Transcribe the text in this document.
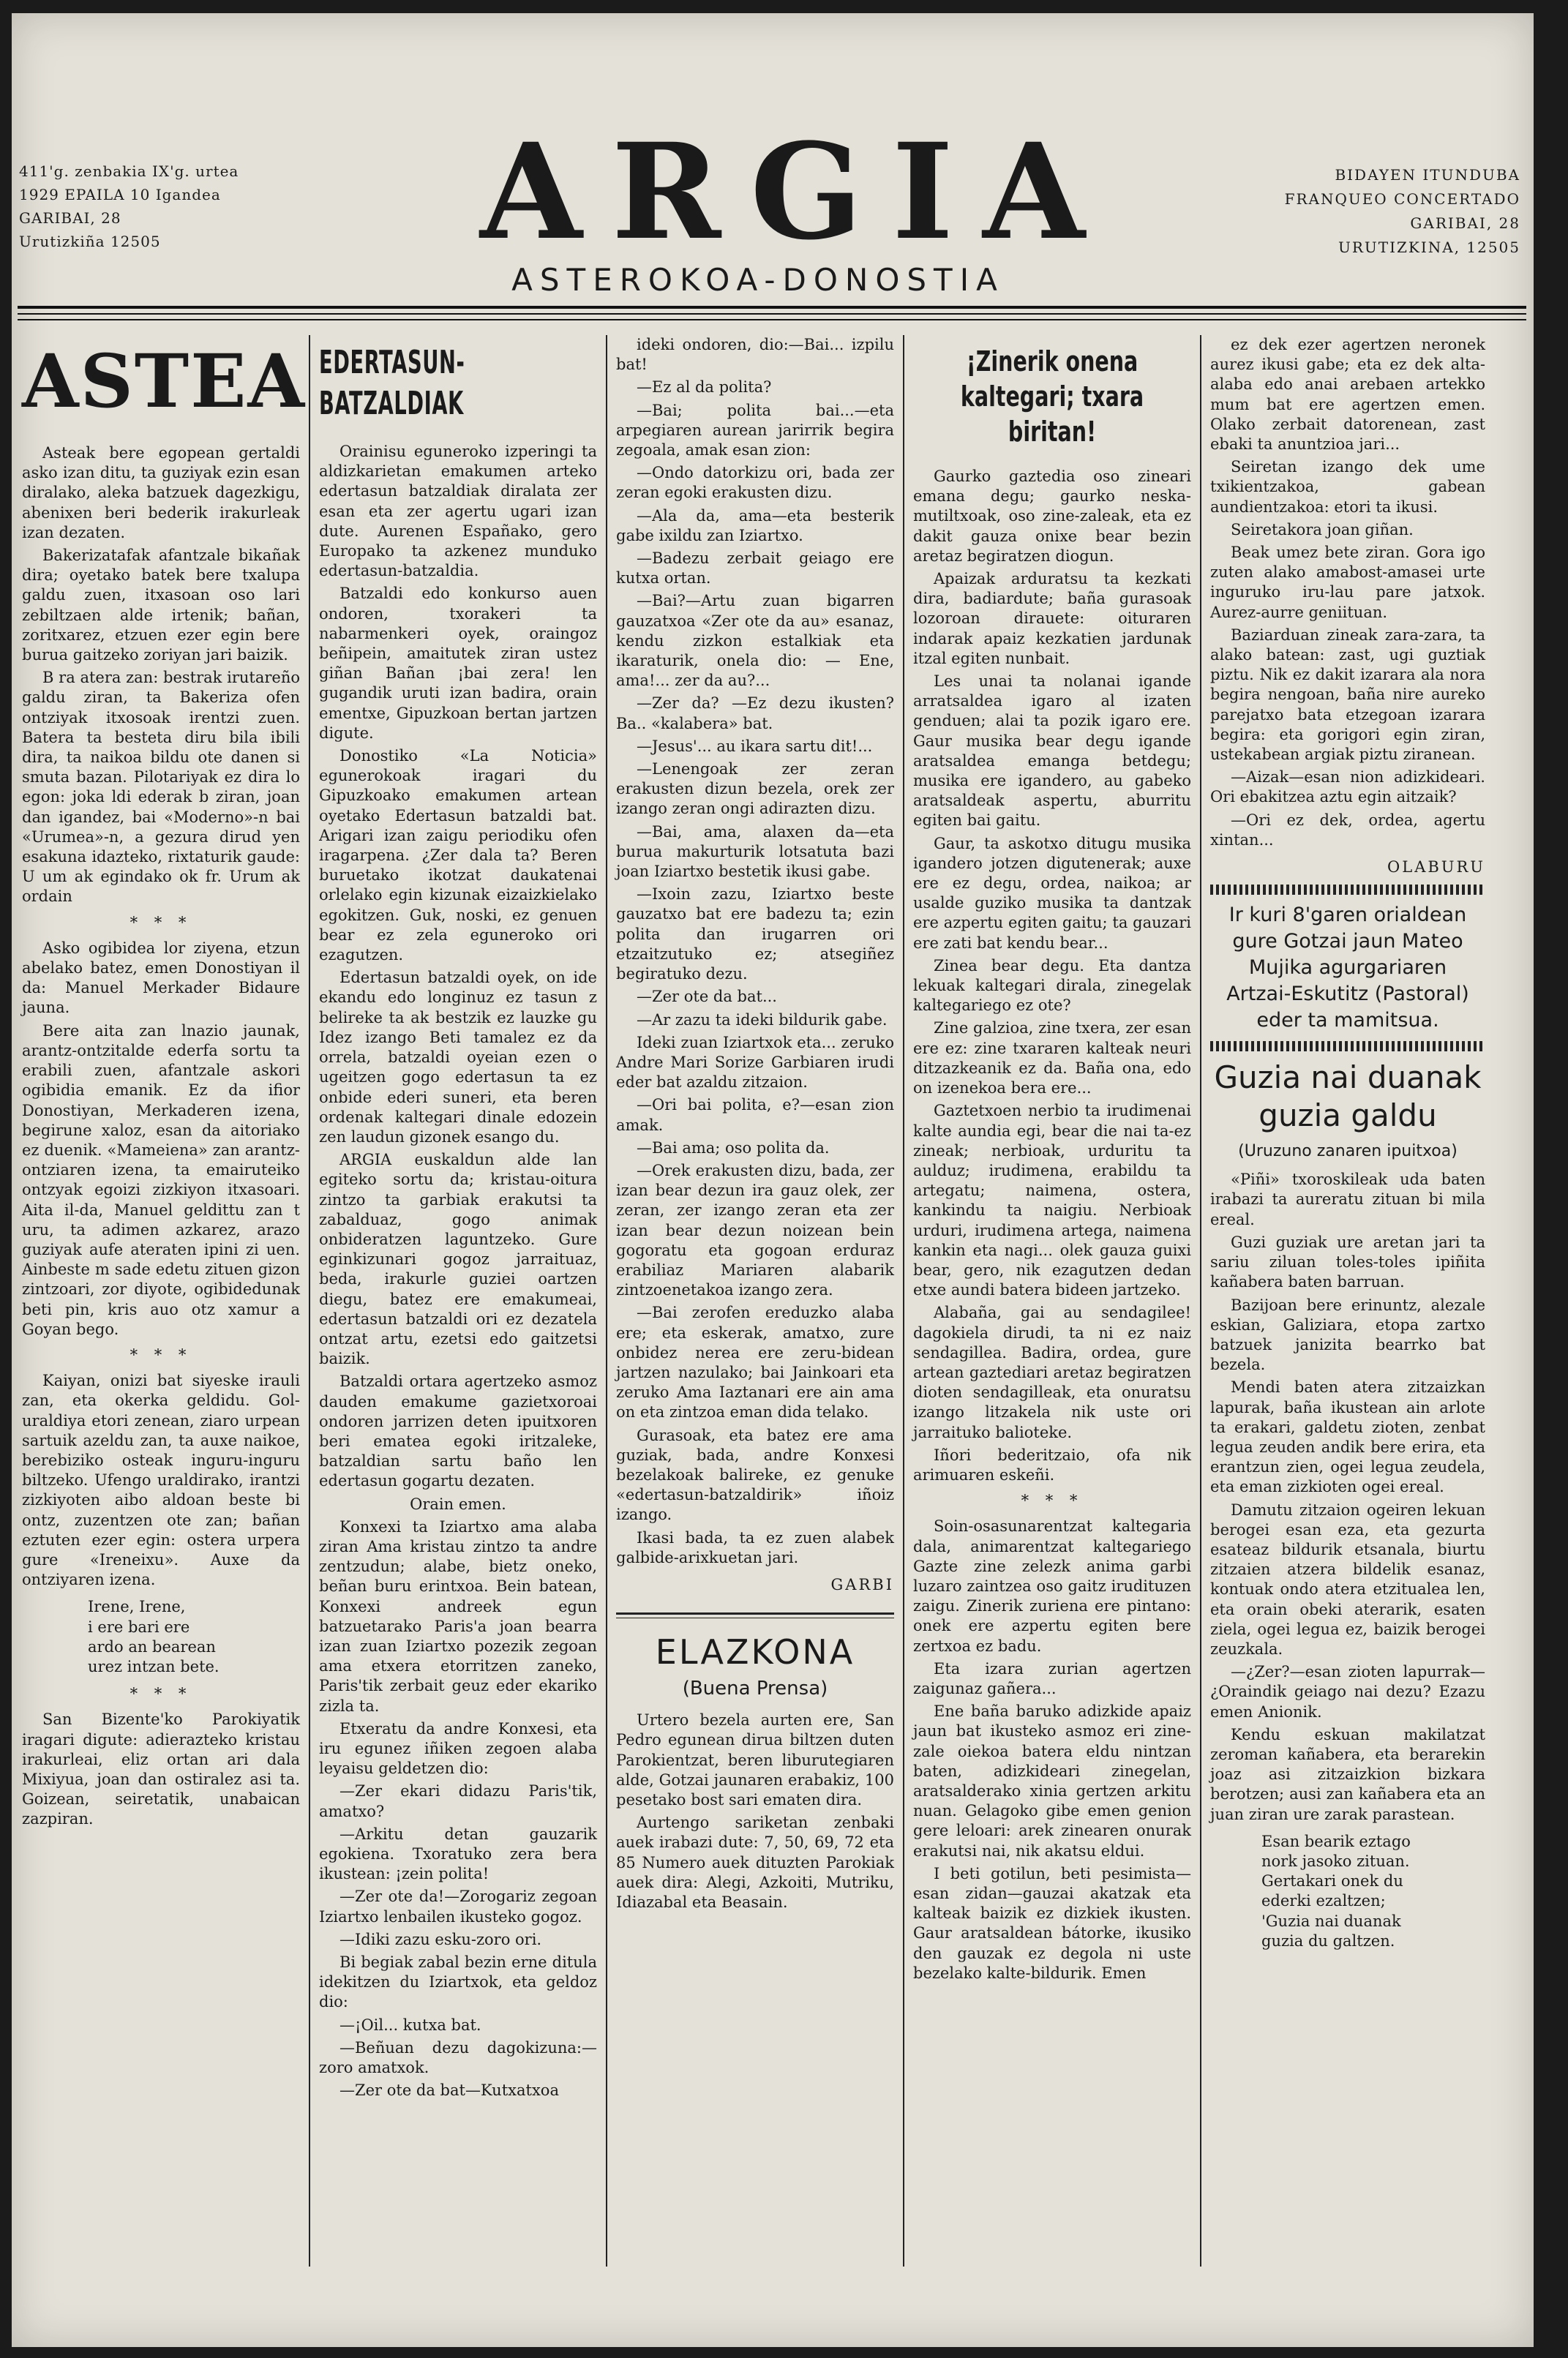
411'g. zenbakia IX'g. urtea
1929 EPAILA 10 Igandea
GARIBAI, 28
Urutizkiña 12505	ARGIA
ASTEROKOA-DONOSTIA
BIDAYEN ITUNDUBA
FRANQUEO CONCERTADO
GARIBAI, 28
URUTIZKINA, 12505
ASTEA

Asteak bere egopean gertaldi asko izan ditu, ta guziyak ezin esan diralako, aleka batzuek dagezkigu, abenixen beri bederik irakurleak izan dezaten.

Bakerizatafak afantzale bikañak dira; oyetako batek bere txalupa galdu zuen, itxasoan oso lari zebiltzaen alde irtenik; bañan, zoritxarez, etzuen ezer egin bere burua gaitzeko zoriyan jari baizik.

B ra atera zan: bestrak irutareño galdu ziran, ta Bakeriza ofen ontziyak itxosoak irentzi zuen. Batera ta besteta diru bila ibili dira, ta naikoa bildu ote danen si smuta bazan. Pilotariyak ez dira lo egon: joka ldi ederak b ziran, joan dan igandez, bai «Moderno»-n bai «Urumea»-n, a gezura dirud yen esakuna idazteko, rixtaturik gaude: U um ak egindako ok fr. Urum ak ordain

* * *

Asko ogibidea lor ziyena, etzun abelako batez, emen Donostiyan il da: Manuel Merkader Bidaure jauna.

Bere aita zan lnazio jaunak, arantz-ontzitalde ederfa sortu ta erabili zuen, afantzale askori ogibidia emanik. Ez da ifior Donostiyan, Merkaderen izena, begirune xaloz, esan da aitoriako ez duenik. «Mameiena» zan arantz-ontziaren izena, ta emairuteiko ontzyak egoizi zizkiyon itxasoari. Aita il-da, Manuel geldittu zan t uru, ta adimen azkarez, arazo guziyak aufe ateraten ipini zi uen. Ainbeste m sade edetu zituen gizon zintzoari, zor diyote, ogibidedunak beti pin, kris auo otz xamur a Goyan bego.

* * *

Kaiyan, onizi bat siyeske irauli zan, eta okerka geldidu. Gol-uraldiya etori zenean, ziaro urpean sartuik azeldu zan, ta auxe naikoe, berebiziko osteak inguru-inguru biltzeko. Ufengo uraldirako, irantzi zizkiyoten aibo aldoan beste bi ontz, zuzentzen ote zan; bañan eztuten ezer egin: ostera urpera gure «Ireneixu». Auxe da ontziyaren izena.

Irene, Irene,
i ere bari ere
ardo an bearean
urez intzan bete.
* * *

San Bizente'ko Parokiyatik iragari digute: adierazteko kristau irakurleai, eliz ortan ari dala Mixiyua, joan dan ostiralez asi ta. Goizean, seiretatik, unabaican zazpiran.

EDERTASUN-BATZALDIAK

Orainisu eguneroko izperingi ta aldizkarietan emakumen arteko edertasun batzaldiak diralata zer esan eta zer agertu ugari izan dute. Aurenen Españako, gero Europako ta azkenez munduko edertasun-batzaldia.

Batzaldi edo konkurso auen ondoren, txorakeri ta nabarmenkeri oyek, oraingoz beñipein, amaitutek ziran ustez giñan Bañan ¡bai zera! len gugandik uruti izan badira, orain ementxe, Gipuzkoan bertan jartzen digute.

Donostiko «La Noticia» egunerokoak iragari du Gipuzkoako emakumen artean oyetako Edertasun batzaldi bat. Arigari izan zaigu periodiku ofen iragarpena. ¿Zer dala ta? Beren buruetako ikotzat daukatenai orlelako egin kizunak eizaizkielako egokitzen. Guk, noski, ez genuen bear ez zela eguneroko ori ezagutzen.

Edertasun batzaldi oyek, on ide ekandu edo longinuz ez tasun z belireke ta ak bestzik ez lauzke gu Idez izango Beti tamalez ez da orrela, batzaldi oyeian ezen o ugeitzen gogo edertasun ta ez onbide ederi suneri, eta beren ordenak kaltegari dinale edozein zen laudun gizonek esango du.

ARGIA euskaldun alde lan egiteko sortu da; kristau-oitura zintzo ta garbiak erakutsi ta zabalduaz, gogo animak onbideratzen laguntzeko. Gure eginkizunari gogoz jarraituaz, beda, irakurle guziei oartzen diegu, batez ere emakumeai, edertasun batzaldi ori ez dezatela ontzat artu, ezetsi edo gaitzetsi baizik.

Batzaldi ortara agertzeko asmoz dauden emakume gazietxoroai ondoren jarrizen deten ipuitxoren beri ematea egoki iritzaleke, batzaldian sartu baño len edertasun gogartu dezaten.

Orain emen.

Konxexi ta Iziartxo ama alaba ziran Ama kristau zintzo ta andre zentzudun; alabe, bietz oneko, beñan buru erintxoa. Bein batean, Konxexi andreek egun batzuetarako Paris'a joan bearra izan zuan Iziartxo pozezik zegoan ama etxera etorritzen zaneko, Paris'tik zerbait geuz eder ekariko zizla ta.

Etxeratu da andre Konxesi, eta iru egunez iñiken zegoen alaba leyaisu geldetzen dio:

—Zer ekari didazu Paris'tik, amatxo?

—Arkitu detan gauzarik egokiena. Txoratuko zera bera ikustean: ¡zein polita!

—Zer ote da!—Zorogariz zegoan Iziartxo lenbailen ikusteko gogoz.

—Idiki zazu esku-zoro ori.

Bi begiak zabal bezin erne ditula idekitzen du Iziartxok, eta geldoz dio:

—¡Oil... kutxa bat.

—Beñuan dezu dagokizuna:—zoro amatxok.

—Zer ote da bat—Kutxatxoa

ideki ondoren, dio:—Bai... izpilu bat!

—Ez al da polita?

—Bai; polita bai...—eta arpegiaren aurean jarirrik begira zegoala, amak esan zion:

—Ondo datorkizu ori, bada zer zeran egoki erakusten dizu.

—Ala da, ama—eta besterik gabe ixildu zan Iziartxo.

—Badezu zerbait geiago ere kutxa ortan.

—Bai?—Artu zuan bigarren gauzatxoa «Zer ote da au» esanaz, kendu zizkon estalkiak eta ikaraturik, onela dio: — Ene, ama!... zer da au?...

—Zer da? —Ez dezu ikusten? Ba.. «kalabera» bat.

—Jesus'... au ikara sartu dit!...

—Lenengoak zer zeran erakusten dizun bezela, orek zer izango zeran ongi adirazten dizu.

—Bai, ama, alaxen da—eta burua makurturik lotsatuta bazi joan Iziartxo bestetik ikusi gabe.

—Ixoin zazu, Iziartxo beste gauzatxo bat ere badezu ta; ezin polita dan irugarren ori etzaitzutuko ez; atsegiñez begiratuko dezu.

—Zer ote da bat...

—Ar zazu ta ideki bildurik gabe.

Ideki zuan Iziartxok eta... zeruko Andre Mari Sorize Garbiaren irudi eder bat azaldu zitzaion.

—Ori bai polita, e?—esan zion amak.

—Bai ama; oso polita da.

—Orek erakusten dizu, bada, zer izan bear dezun ira gauz olek, zer zeran, zer izango zeran eta zer izan bear dezun noizean bein gogoratu eta gogoan erduraz erabiliaz Mariaren alabarik zintzoenetakoa izango zera.

—Bai zerofen ereduzko alaba ere; eta eskerak, amatxo, zure onbidez nerea ere zeru-bidean jartzen nazulako; bai Jainkoari eta zeruko Ama Iaztanari ere ain ama on eta zintzoa eman dida telako.

Gurasoak, eta batez ere ama guziak, bada, andre Konxesi bezelakoak balireke, ez genuke «edertasun-batzaldirik» iñoiz izango.

Ikasi bada, ta ez zuen alabek galbide-arixkuetan jari.

GARBI
ELAZKONA
(Buena Prensa)

Urtero bezela aurten ere, San Pedro egunean dirua biltzen duten Parokientzat, beren liburutegiaren alde, Gotzai jaunaren erabakiz, 100 pesetako bost sari ematen dira.

Aurtengo sariketan zenbaki auek irabazi dute: 7, 50, 69, 72 eta 85 Numero auek dituzten Parokiak auek dira: Alegi, Azkoiti, Mutriku, Idiazabal eta Beasain.

¡Zinerik onena kaltegari; txara biritan!

Gaurko gaztedia oso zineari emana degu; gaurko neska-mutiltxoak, oso zine-zaleak, eta ez dakit gauza onixe bear bezin aretaz begiratzen diogun.

Apaizak arduratsu ta kezkati dira, badiardute; baña gurasoak lozoroan dirauete: oituraren indarak apaiz kezkatien jardunak itzal egiten nunbait.

Les unai ta nolanai igande arratsaldea igaro al izaten genduen; alai ta pozik igaro ere. Gaur musika bear degu igande aratsaldea emanga betdegu; musika ere igandero, au gabeko aratsaldeak aspertu, aburritu egiten bai gaitu.

Gaur, ta askotxo ditugu musika igandero jotzen digutenerak; auxe ere ez degu, ordea, naikoa; ar usalde guziko musika ta dantzak ere azpertu egiten gaitu; ta gauzari ere zati bat kendu bear...

Zinea bear degu. Eta dantza lekuak kaltegari dirala, zinegelak kaltegariego ez ote?

Zine galzioa, zine txera, zer esan ere ez: zine txararen kalteak neuri ditzazkeanik ez da. Baña ona, edo on izenekoa bera ere...

Gaztetxoen nerbio ta irudimenai kalte aundia egi, bear die nai ta-ez zineak; nerbioak, urduritu ta aulduz; irudimena, erabildu ta artegatu; naimena, ostera, kankindu ta naigiu. Nerbioak urduri, irudimena artega, naimena kankin eta nagi... olek gauza guixi bear, gero, nik ezagutzen dedan etxe aundi batera bideen jartzeko.

Alabaña, gai au sendagilee! dagokiela dirudi, ta ni ez naiz sendagillea. Badira, ordea, gure artean gaztediari aretaz begiratzen dioten sendagilleak, eta onuratsu izango litzakela nik uste ori jarraituko balioteke.

Iñori bederitzaio, ofa nik arimuaren eskeñi.

* * *

Soin-osasunarentzat kaltegaria dala, animarentzat kaltegariego Gazte zine zelezk anima garbi luzaro zaintzea oso gaitz irudituzen zaigu. Zinerik zuriena ere pintano: onek ere azpertu egiten bere zertxoa ez badu.

Eta izara zurian agertzen zaigunaz gañera...

Ene baña baruko adizkide apaiz jaun bat ikusteko asmoz eri zine-zale oiekoa batera eldu nintzan baten, adizkideari zinegelan, aratsalderako xinia gertzen arkitu nuan. Gelagoko gibe emen genion gere leloari: arek zinearen onurak erakutsi nai, nik akatsu eldui.

I beti gotilun, beti pesimista—esan zidan—gauzai akatzak eta kalteak baizik ez dizkiek ikusten. Gaur aratsaldean bátorke, ikusiko den gauzak ez degola ni uste bezelako kalte-bildurik. Emen

ez dek ezer agertzen neronek aurez ikusi gabe; eta ez dek alta-alaba edo anai arebaen artekko mum bat ere agertzen emen. Olako zerbait datorenean, zast ebaki ta anuntzioa jari...

Seiretan izango dek ume txikientzakoa, gabean aundientzakoa: etori ta ikusi.

Seiretakora joan giñan.

Beak umez bete ziran. Gora igo zuten alako amabost-amasei urte inguruko iru-lau pare jatxok. Aurez-aurre geniituan.

Baziarduan zineak zara-zara, ta alako batean: zast, ugi guztiak piztu. Nik ez dakit izarara ala nora begira nengoan, baña nire aureko parejatxo bata etzegoan izarara begira: eta gorigori egin ziran, ustekabean argiak piztu ziranean.

—Aizak—esan nion adizkideari. Ori ebakitzea aztu egin aitzaik?

—Ori ez dek, ordea, agertu xintan...

OLABURU
Ir kuri 8'garen orialdean gure Gotzai jaun Mateo Mujika agurgariaren Artzai-Eskutitz (Pastoral) eder ta mamitsua.
Guzia nai duanak guzia galdu
(Uruzuno zanaren ipuitxoa)

«Piñi» txoroskileak uda baten irabazi ta aureratu zituan bi mila ereal.

Guzi guziak ure aretan jari ta sariu ziluan toles-toles ipiñita kañabera baten barruan.

Bazijoan bere erinuntz, alezale eskian, Galiziara, etopa zartxo batzuek janizita bearrko bat bezela.

Mendi baten atera zitzaizkan lapurak, baña ikustean ain arlote ta erakari, galdetu zioten, zenbat legua zeuden andik bere erira, eta erantzun zien, ogei legua zeudela, eta eman zizkioten ogei ereal.

Damutu zitzaion ogeiren lekuan berogei esan eza, eta gezurta esateaz bildurik etsanala, biurtu zitzaien atzera bildelik esanaz, kontuak ondo atera etzitualea len, eta orain obeki aterarik, esaten ziela, ogei legua ez, baizik berogei zeuzkala.

—¿Zer?—esan zioten lapurrak—¿Oraindik geiago nai dezu? Ezazu emen Anionik.

Kendu eskuan makilatzat zeroman kañabera, eta berarekin joaz asi zitzaizkion bizkara berotzen; ausi zan kañabera eta an juan ziran ure zarak parastean.

Esan bearik eztago
nork jasoko zituan.
Gertakari onek du
ederki ezaltzen;
'Guzia nai duanak
guzia du galtzen.
